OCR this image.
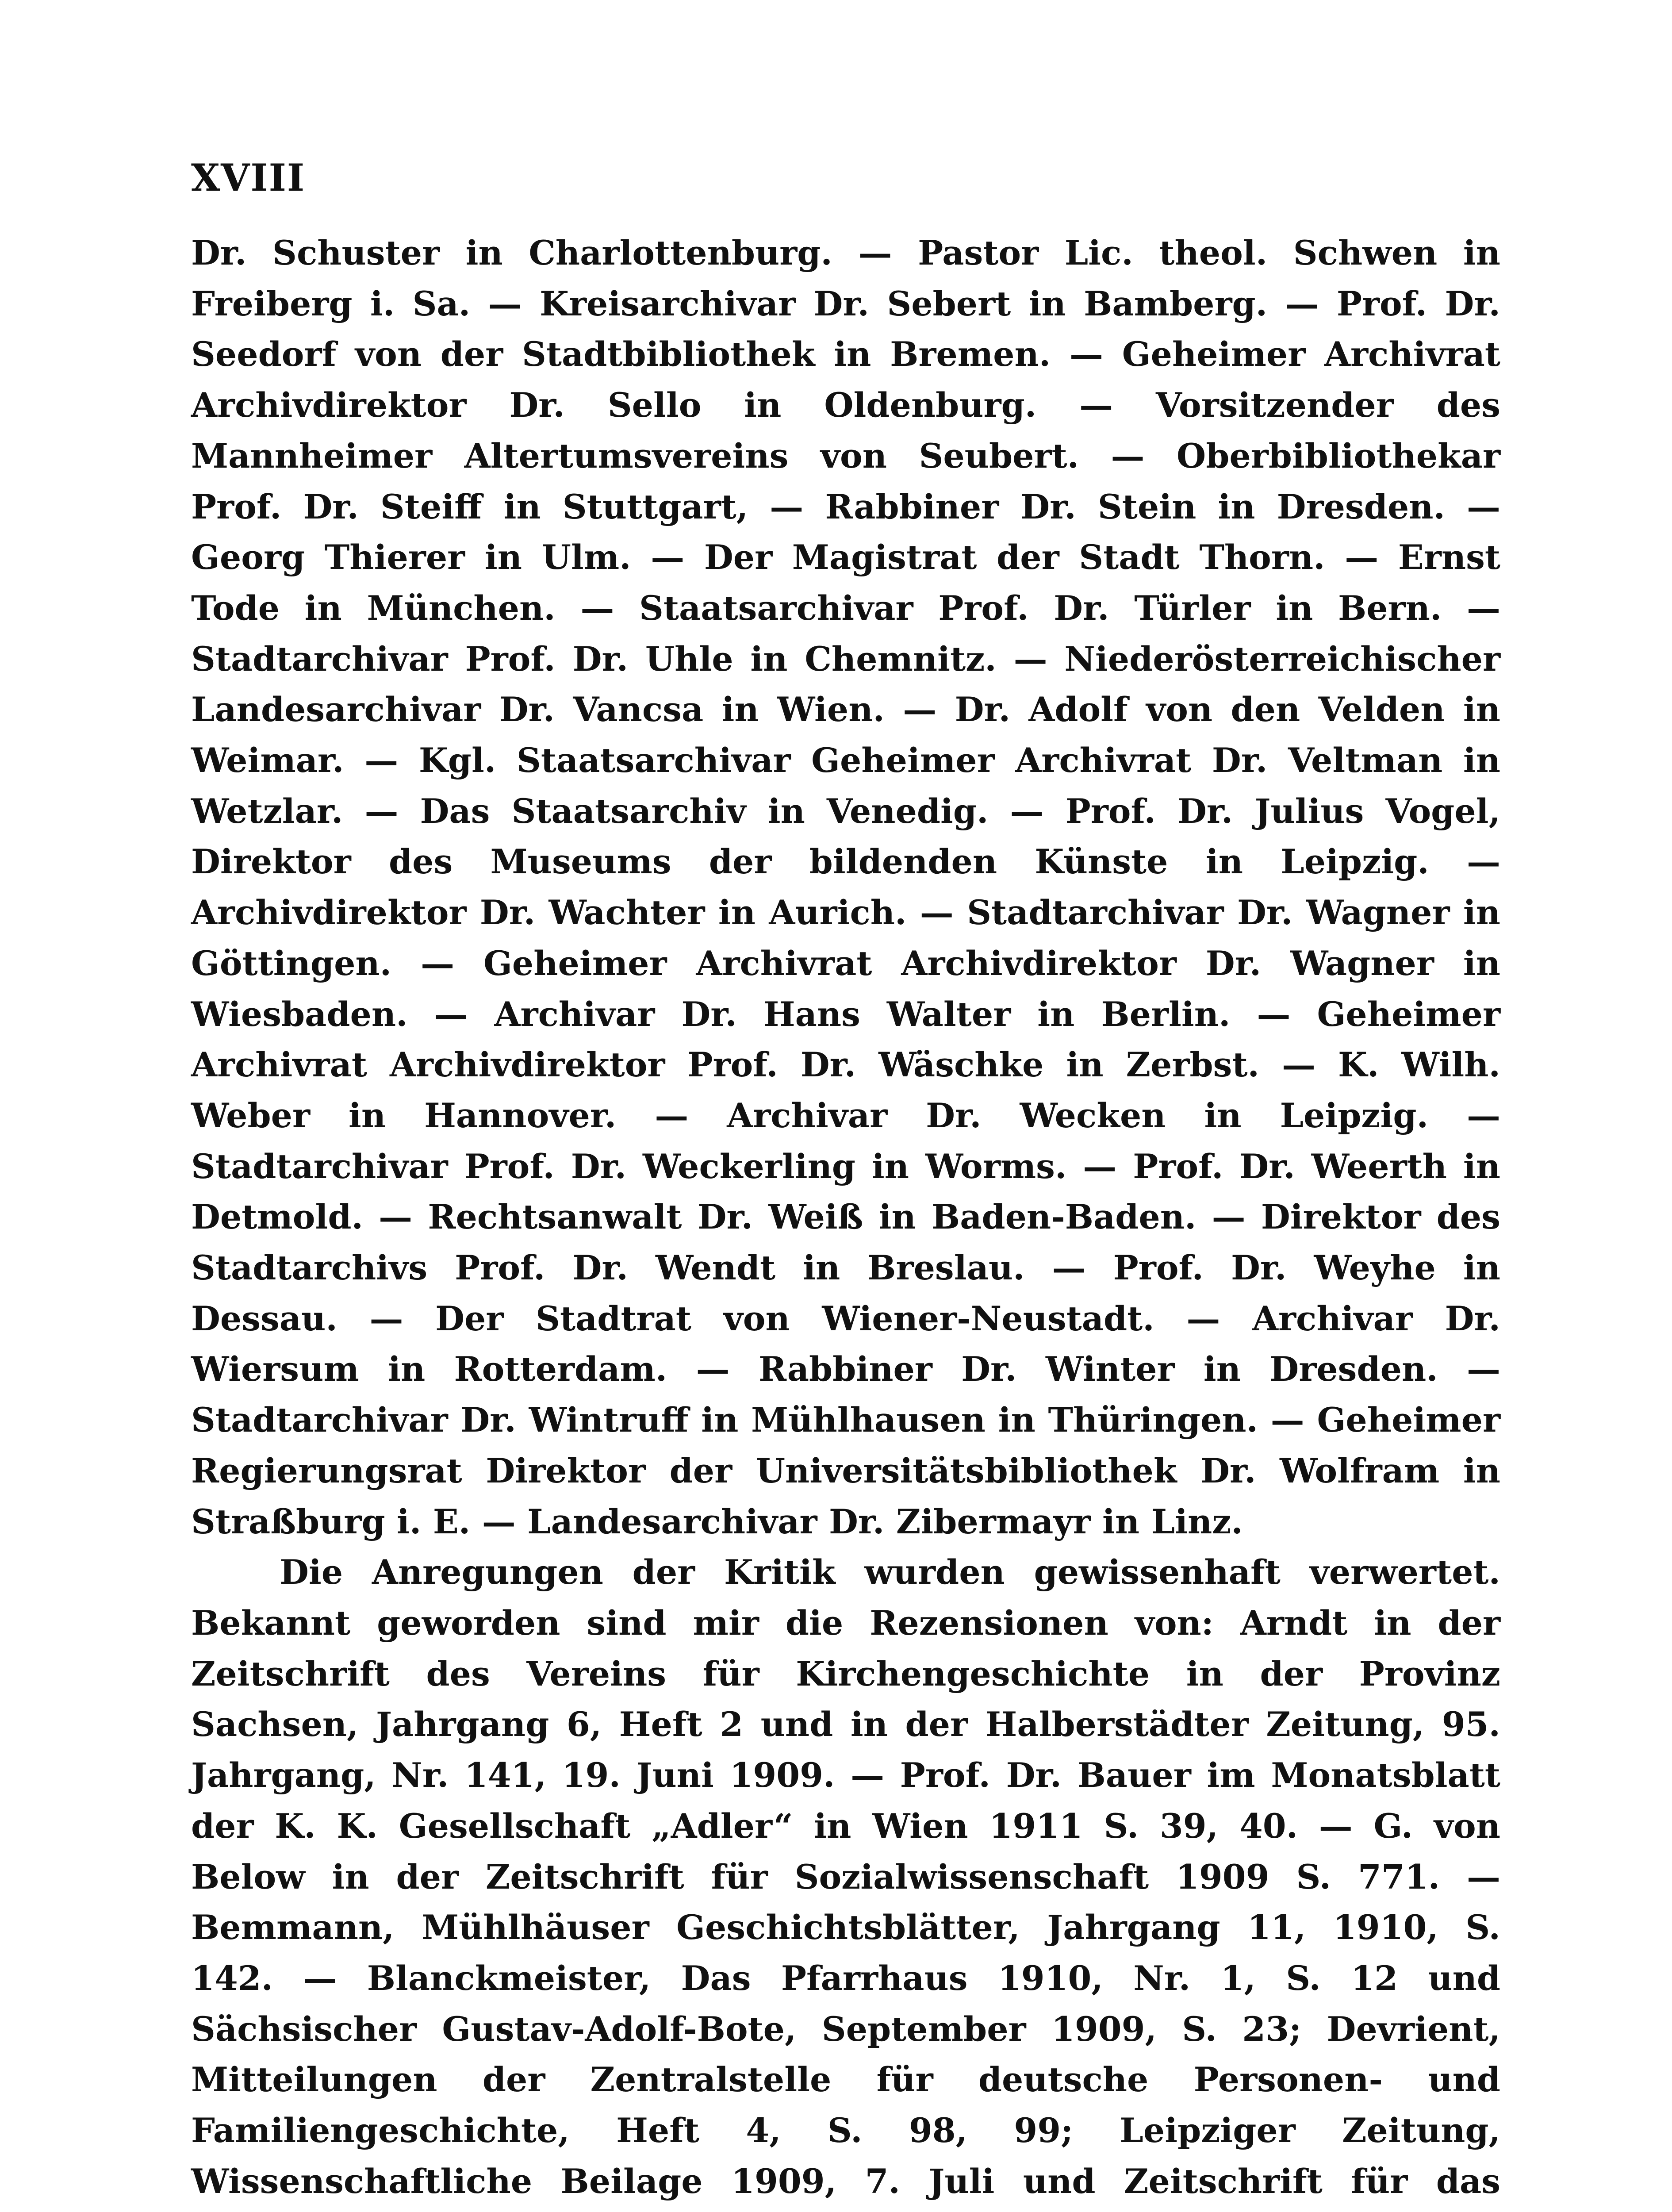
XVIII

Dr. Schuster in Charlottenburg. — Pastor Lic. theol. Schwen in Freiberg i. Sa. — Kreisarchivar Dr. Sebert in Bamberg. — Prof. Dr. Seedorf von der Stadtbibliothek in Bremen. — Geheimer Archivrat Archivdirektor Dr. Sello in Oldenburg. — Vorsitzender des Mannheimer Altertumsvereins von Seubert. — Oberbibliothekar Prof. Dr. Steiff in Stuttgart, — Rabbiner Dr. Stein in Dresden. — Georg Thierer in Ulm. — Der Magistrat der Stadt Thorn. — Ernst Tode in München. — Staatsarchivar Prof. Dr. Türler in Bern. — Stadtarchivar Prof. Dr. Uhle in Chemnitz. — Niederösterreichischer Landesarchivar Dr. Vancsa in Wien. — Dr. Adolf von den Velden in Weimar. — Kgl. Staatsarchivar Geheimer Archivrat Dr. Veltman in Wetzlar. — Das Staatsarchiv in Venedig. — Prof. Dr. Julius Vogel, Direktor des Museums der bildenden Künste in Leipzig. — Archivdirektor Dr. Wachter in Aurich. — Stadtarchivar Dr. Wagner in Göttingen. — Geheimer Archivrat Archivdirektor Dr. Wagner in Wiesbaden. — Archivar Dr. Hans Walter in Berlin. — Geheimer Archivrat Archivdirektor Prof. Dr. Wäschke in Zerbst. — K. Wilh. Weber in Hannover. — Archivar Dr. Wecken in Leipzig. — Stadtarchivar Prof. Dr. Weckerling in Worms. — Prof. Dr. Weerth in Detmold. — Rechtsanwalt Dr. Weiß in Baden-Baden. — Direktor des Stadtarchivs Prof. Dr. Wendt in Breslau. — Prof. Dr. Weyhe in Dessau. — Der Stadtrat von Wiener-Neustadt. — Archivar Dr. Wiersum in Rotterdam. — Rabbiner Dr. Winter in Dresden. — Stadtarchivar Dr. Wintruff in Mühlhausen in Thüringen. — Geheimer Regierungsrat Direktor der Universitätsbibliothek Dr. Wolfram in Straßburg i. E. — Landesarchivar Dr. Zibermayr in Linz.

Die Anregungen der Kritik wurden gewissenhaft verwertet. Bekannt geworden sind mir die Rezensionen von: Arndt in der Zeitschrift des Vereins für Kirchengeschichte in der Provinz Sachsen, Jahrgang 6, Heft 2 und in der Halberstädter Zeitung, 95. Jahrgang, Nr. 141, 19. Juni 1909. — Prof. Dr. Bauer im Monatsblatt der K. K. Gesellschaft „Adler“ in Wien 1911 S. 39, 40. — G. von Below in der Zeitschrift für Sozialwissenschaft 1909 S. 771. — Bemmann, Mühlhäuser Geschichtsblätter, Jahrgang 11, 1910, S. 142. — Blanckmeister, Das Pfarrhaus 1910, Nr. 1, S. 12 und Sächsischer Gustav-Adolf-Bote, September 1909, S. 23; Devrient, Mitteilungen der Zentralstelle für deutsche Personen- und Familiengeschichte, Heft 4, S. 98, 99; Leipziger Zeitung, Wissenschaftliche Beilage 1909, 7. Juli und Zeitschrift für das
